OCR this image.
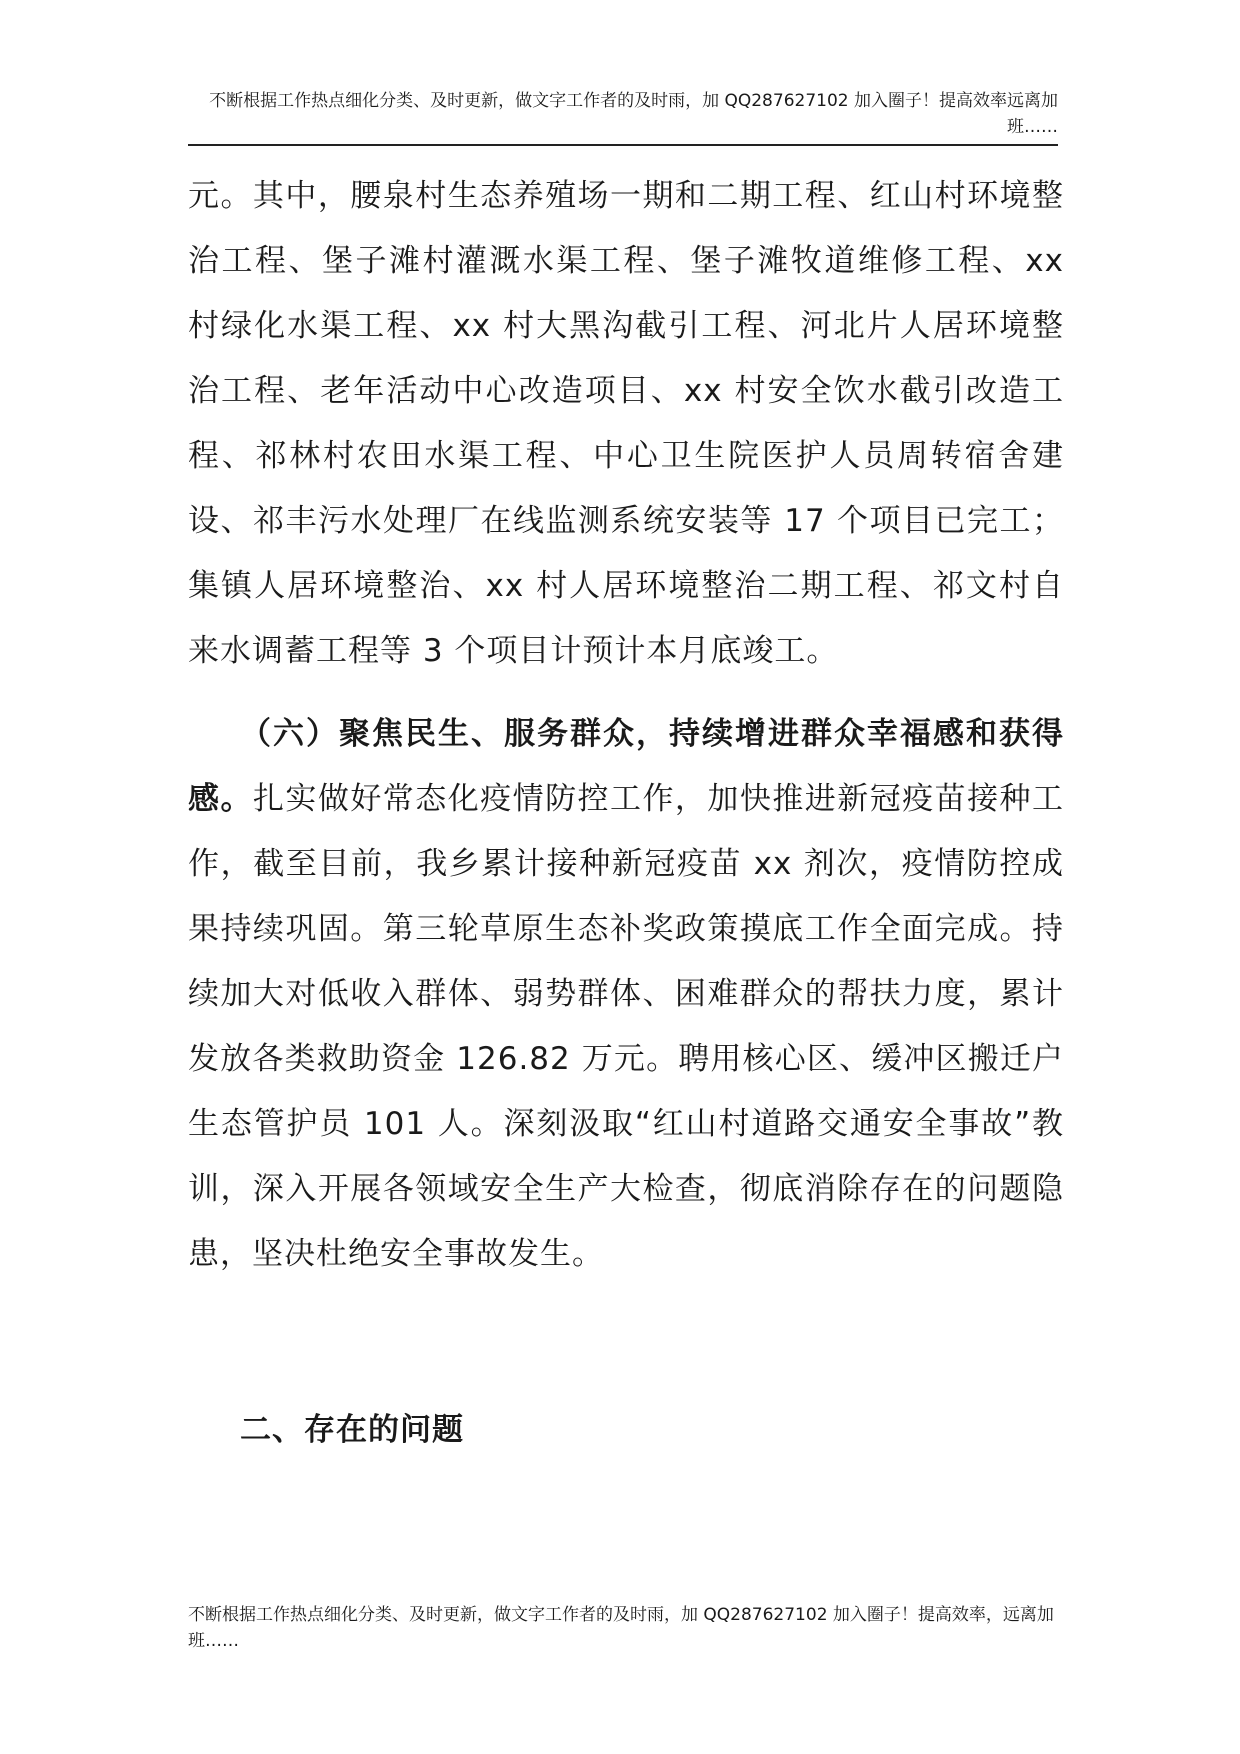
不断根据工作热点细化分类、及时更新，做文字工作者的及时雨，加 QQ287627102 加入圈子！提高效率远离加班……

元。其中，腰泉村生态养殖场一期和二期工程、红山村环境整治工程、堡子滩村灌溉水渠工程、堡子滩牧道维修工程、xx 村绿化水渠工程、xx 村大黑沟截引工程、河北片人居环境整治工程、老年活动中心改造项目、xx 村安全饮水截引改造工程、祁林村农田水渠工程、中心卫生院医护人员周转宿舍建设、祁丰污水处理厂在线监测系统安装等 17 个项目已完工；集镇人居环境整治、xx 村人居环境整治二期工程、祁文村自来水调蓄工程等 3 个项目计预计本月底竣工。

（六）聚焦民生、服务群众，持续增进群众幸福感和获得感。扎实做好常态化疫情防控工作，加快推进新冠疫苗接种工作，截至目前，我乡累计接种新冠疫苗 xx 剂次，疫情防控成果持续巩固。第三轮草原生态补奖政策摸底工作全面完成。持续加大对低收入群体、弱势群体、困难群众的帮扶力度，累计发放各类救助资金 126.82 万元。聘用核心区、缓冲区搬迁户生态管护员 101 人。深刻汲取“红山村道路交通安全事故”教训，深入开展各领域安全生产大检查，彻底消除存在的问题隐患，坚决杜绝安全事故发生。

二、存在的问题
不断根据工作热点细化分类、及时更新，做文字工作者的及时雨，加 QQ287627102 加入圈子！提高效率，远离加班……
